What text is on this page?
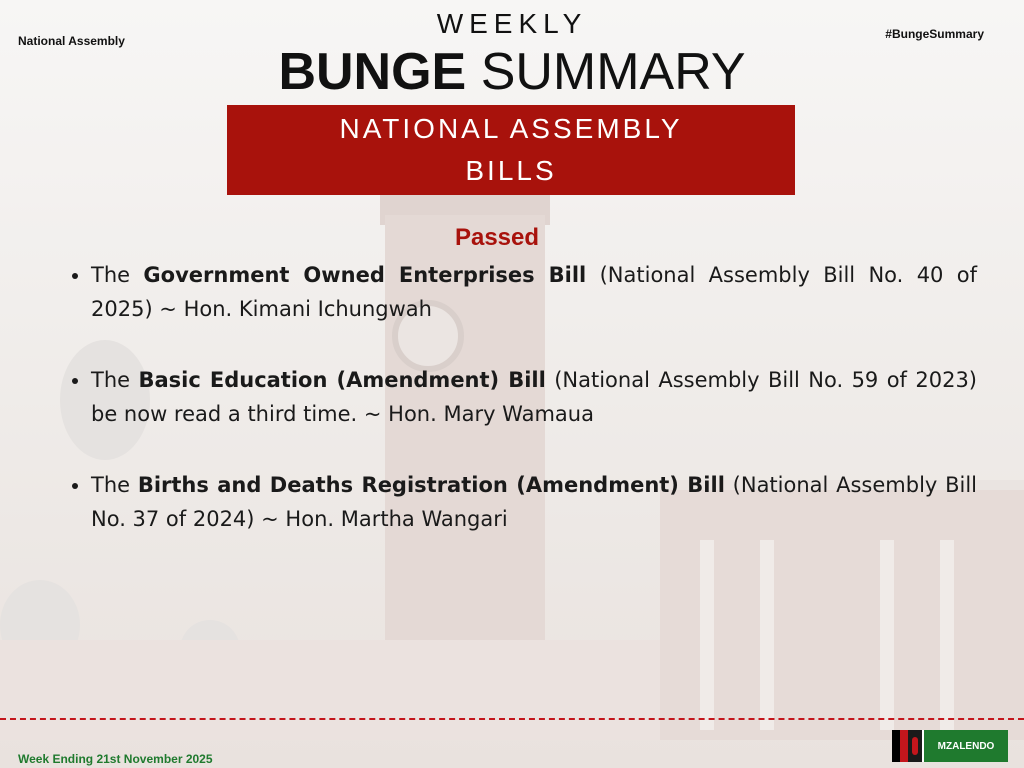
National Assembly	#BungeSummary
WEEKLY
BUNGE SUMMARY
NATIONAL ASSEMBLY
BILLS
Passed
• The Government Owned Enterprises Bill (National Assembly Bill No. 40 of 2025) ~ Hon. Kimani Ichungwah
• The Basic Education (Amendment) Bill (National Assembly Bill No. 59 of 2023) be now read a third time. ~ Hon. Mary Wamaua
• The Births and Deaths Registration (Amendment) Bill (National Assembly Bill No. 37 of 2024) ~ Hon. Martha Wangari
Week Ending 21st November 2025
MZALENDO
